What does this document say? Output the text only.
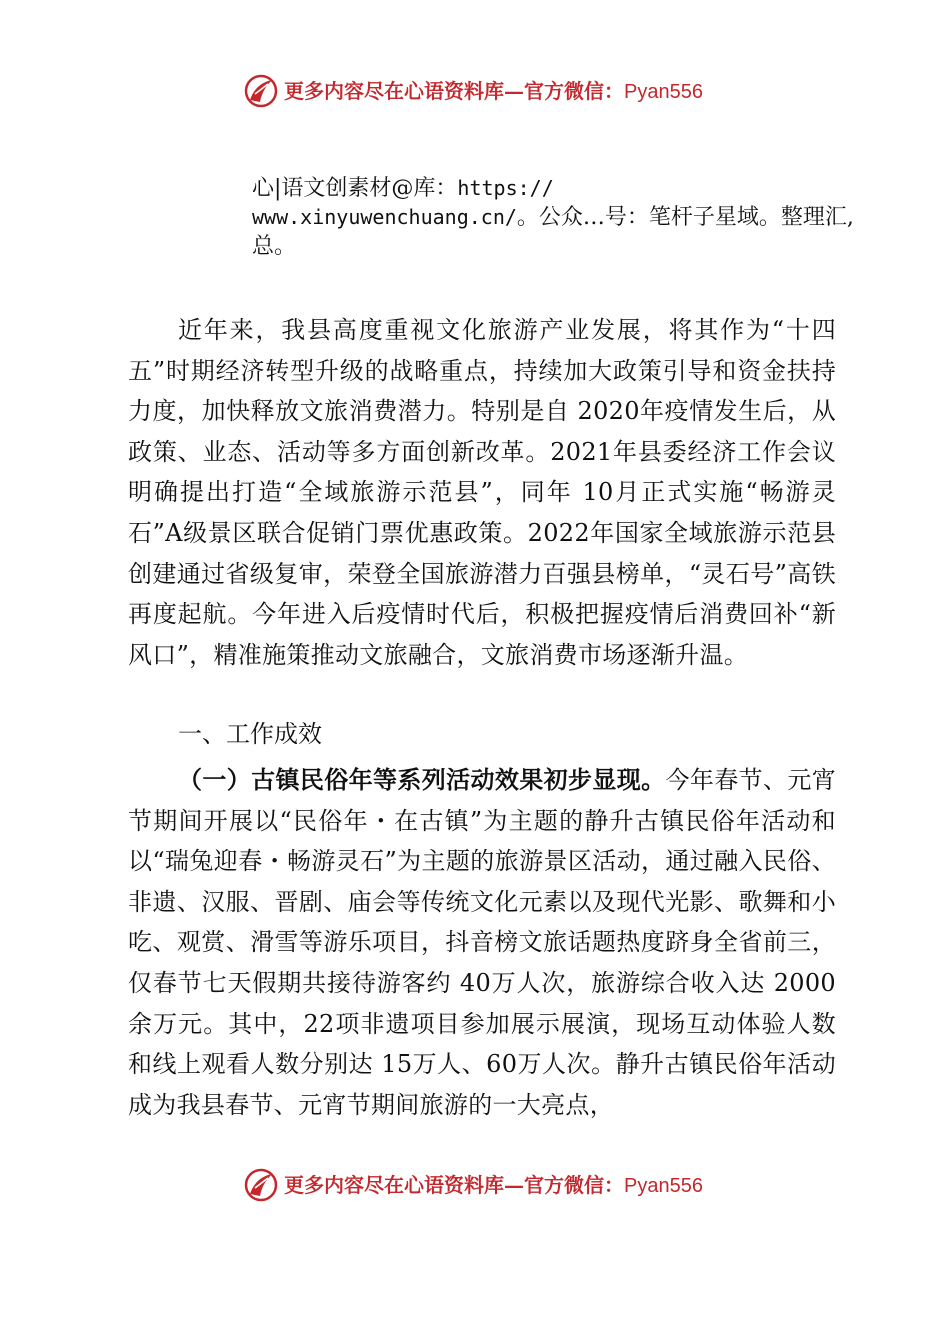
更多内容尽在心语资料库—官方微信：Pyan556
心|语文创素材@库：https://
www.xinyuwenchuang.cn/。公众…号：笔杆子星域。整理汇,总。

近年来，我县高度重视文化旅游产业发展，将其作为“十四五”时期经济转型升级的战略重点，持续加大政策引导和资金扶持力度，加快释放文旅消费潜力。特别是自 2020年疫情发生后，从政策、业态、活动等多方面创新改革。2021年县委经济工作会议明确提出打造“全域旅游示范县”，同年 10月正式实施“畅游灵石”A级景区联合促销门票优惠政策。2022年国家全域旅游示范县创建通过省级复审，荣登全国旅游潜力百强县榜单，“灵石号”高铁再度起航。今年进入后疫情时代后，积极把握疫情后消费回补“新风口”，精准施策推动文旅融合，文旅消费市场逐渐升温。

一、工作成效

（一）古镇民俗年等系列活动效果初步显现。今年春节、元宵节期间开展以“民俗年・在古镇”为主题的静升古镇民俗年活动和以“瑞兔迎春・畅游灵石”为主题的旅游景区活动，通过融入民俗、非遗、汉服、晋剧、庙会等传统文化元素以及现代光影、歌舞和小吃、观赏、滑雪等游乐项目，抖音榜文旅话题热度跻身全省前三，仅春节七天假期共接待游客约 40万人次，旅游综合收入达 2000余万元。其中，22项非遗项目参加展示展演，现场互动体验人数和线上观看人数分别达 15万人、60万人次。静升古镇民俗年活动成为我县春节、元宵节期间旅游的一大亮点，

更多内容尽在心语资料库—官方微信：Pyan556
